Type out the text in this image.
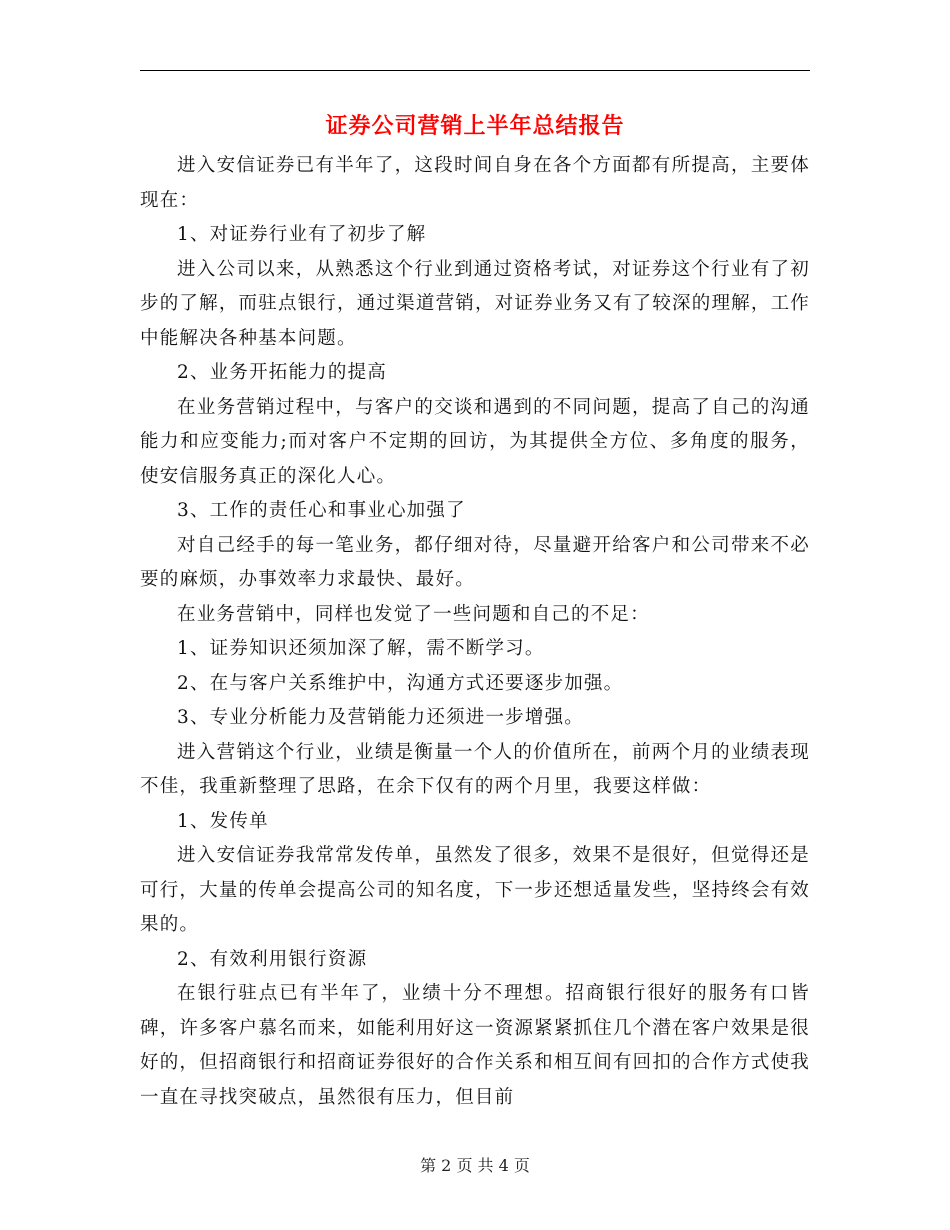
证券公司营销上半年总结报告

进入安信证券已有半年了，这段时间自身在各个方面都有所提高，主要体现在：

1、对证券行业有了初步了解

进入公司以来，从熟悉这个行业到通过资格考试，对证券这个行业有了初步的了解，而驻点银行，通过渠道营销，对证券业务又有了较深的理解，工作中能解决各种基本问题。

2、业务开拓能力的提高

在业务营销过程中，与客户的交谈和遇到的不同问题，提高了自己的沟通能力和应变能力;而对客户不定期的回访，为其提供全方位、多角度的服务，使安信服务真正的深化人心。

3、工作的责任心和事业心加强了

对自己经手的每一笔业务，都仔细对待，尽量避开给客户和公司带来不必要的麻烦，办事效率力求最快、最好。

在业务营销中，同样也发觉了一些问题和自己的不足：

1、证券知识还须加深了解，需不断学习。

2、在与客户关系维护中，沟通方式还要逐步加强。

3、专业分析能力及营销能力还须进一步增强。

进入营销这个行业，业绩是衡量一个人的价值所在，前两个月的业绩表现不佳，我重新整理了思路，在余下仅有的两个月里，我要这样做：

1、发传单

进入安信证券我常常发传单，虽然发了很多，效果不是很好，但觉得还是可行，大量的传单会提高公司的知名度，下一步还想适量发些，坚持终会有效果的。

2、有效利用银行资源

在银行驻点已有半年了，业绩十分不理想。招商银行很好的服务有口皆碑，许多客户慕名而来，如能利用好这一资源紧紧抓住几个潜在客户效果是很好的，但招商银行和招商证券很好的合作关系和相互间有回扣的合作方式使我一直在寻找突破点，虽然很有压力，但目前

第 2 页 共 4 页
